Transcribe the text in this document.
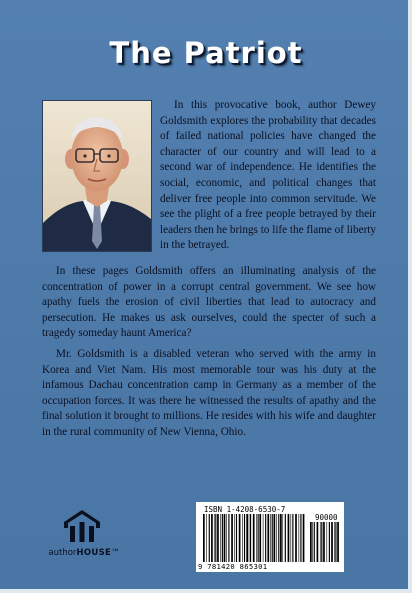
The Patriot

In this provocative book, author Dewey Goldsmith explores the probability that decades of failed national policies have changed the character of our country and will lead to a second war of independence. He identifies the social, economic, and political changes that deliver free people into common servitude. We see the plight of a free people betrayed by their leaders then he brings to life the flame of liberty in the betrayed.

In these pages Goldsmith offers an illuminating analysis of the concentration of power in a corrupt central government. We see how apathy fuels the erosion of civil liberties that lead to autocracy and persecution. He makes us ask ourselves, could the specter of such a tragedy someday haunt America?

Mr. Goldsmith is a disabled veteran who served with the army in Korea and Viet Nam. His most memorable tour was his duty at the infamous Dachau concentration camp in Germany as a member of the occupation forces. It was there he witnessed the results of apathy and the final solution it brought to millions. He resides with his wife and daughter in the rural community of New Vienna, Ohio.

authorHOUSE™
ISBN 1-4208-6530-7
90000
9 781420 865301
